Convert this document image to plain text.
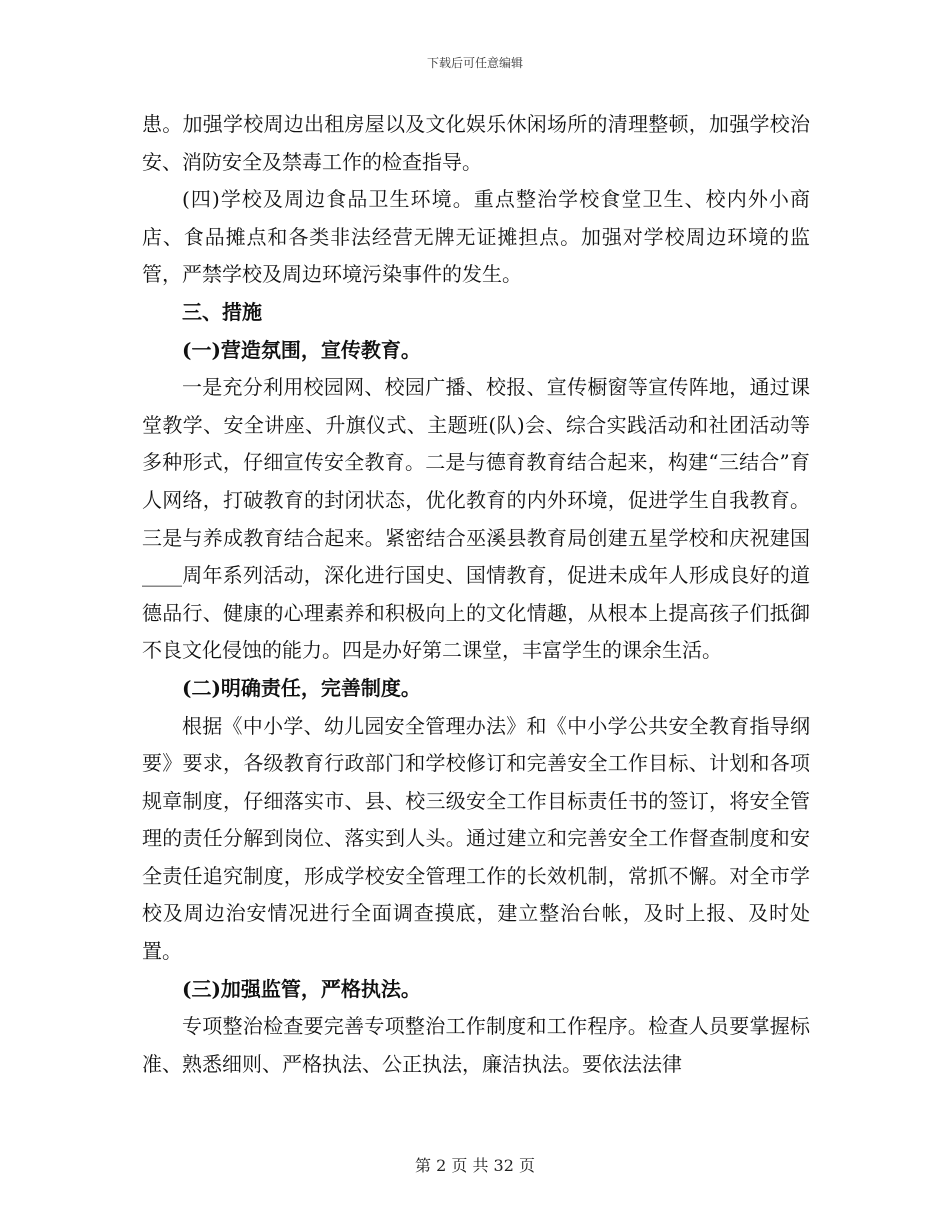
下载后可任意编辑

患。加强学校周边出租房屋以及文化娱乐休闲场所的清理整顿，加强学校治安、消防安全及禁毒工作的检查指导。

(四)学校及周边食品卫生环境。重点整治学校食堂卫生、校内外小商店、食品摊点和各类非法经营无牌无证摊担点。加强对学校周边环境的监管，严禁学校及周边环境污染事件的发生。

三、措施

(一)营造氛围，宣传教育。

一是充分利用校园网、校园广播、校报、宣传橱窗等宣传阵地，通过课堂教学、安全讲座、升旗仪式、主题班(队)会、综合实践活动和社团活动等多种形式，仔细宣传安全教育。二是与德育教育结合起来，构建“三结合”育人网络，打破教育的封闭状态，优化教育的内外环境，促进学生自我教育。三是与养成教育结合起来。紧密结合巫溪县教育局创建五星学校和庆祝建国____周年系列活动，深化进行国史、国情教育，促进未成年人形成良好的道德品行、健康的心理素养和积极向上的文化情趣，从根本上提高孩子们抵御不良文化侵蚀的能力。四是办好第二课堂，丰富学生的课余生活。

(二)明确责任，完善制度。

根据《中小学、幼儿园安全管理办法》和《中小学公共安全教育指导纲要》要求，各级教育行政部门和学校修订和完善安全工作目标、计划和各项规章制度，仔细落实市、县、校三级安全工作目标责任书的签订，将安全管理的责任分解到岗位、落实到人头。通过建立和完善安全工作督查制度和安全责任追究制度，形成学校安全管理工作的长效机制，常抓不懈。对全市学校及周边治安情况进行全面调查摸底，建立整治台帐，及时上报、及时处置。

(三)加强监管，严格执法。

专项整治检查要完善专项整治工作制度和工作程序。检查人员要掌握标准、熟悉细则、严格执法、公正执法，廉洁执法。要依法法律

第 2 页 共 32 页
